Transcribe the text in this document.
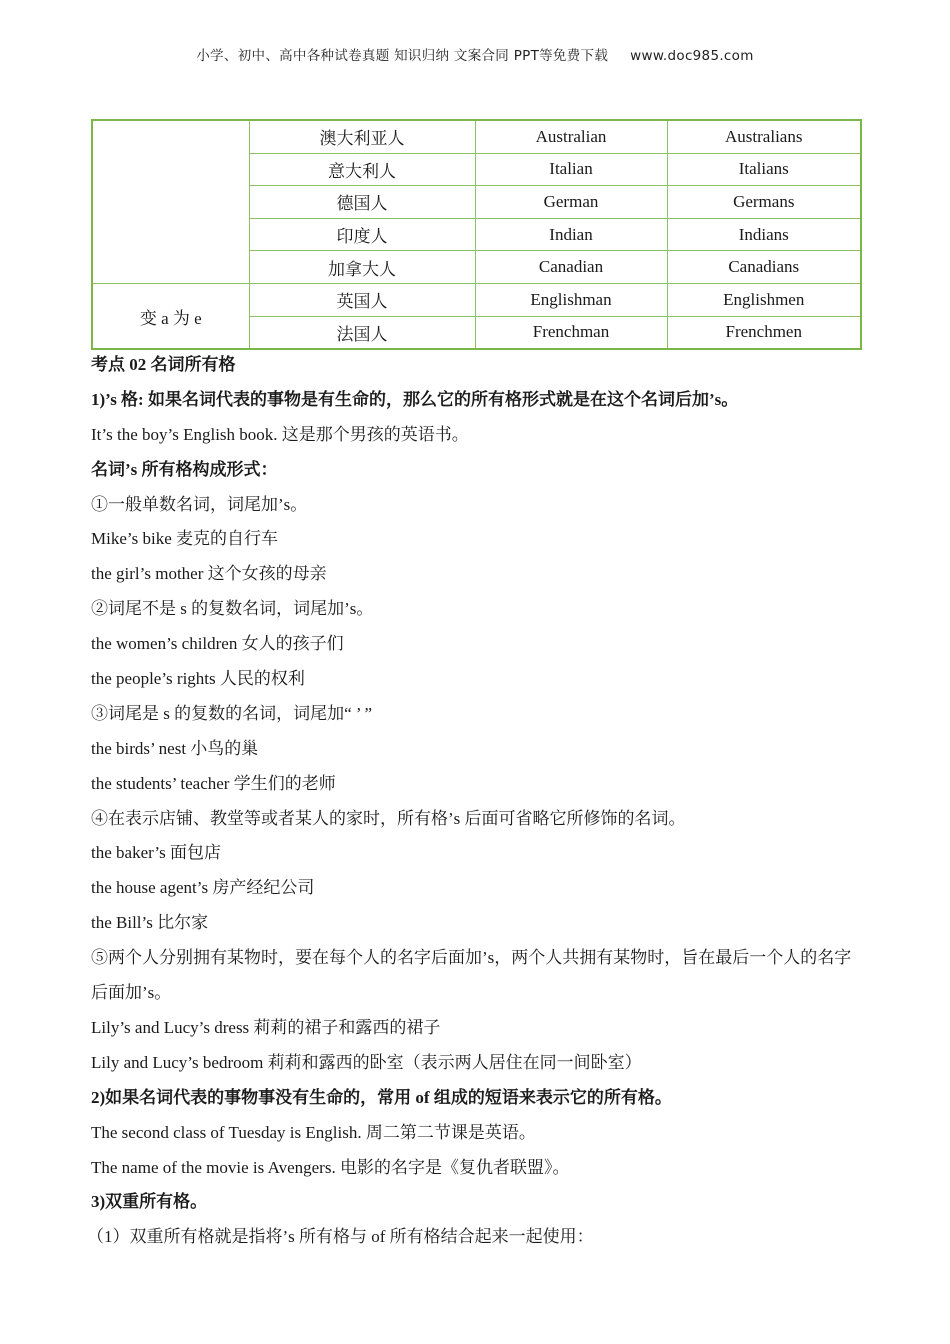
小学、初中、高中各种试卷真题 知识归纳 文案合同 PPT等免费下载 www.doc985.com
	澳大利亚人	Australian	Australians
	意大利人	Italian	Italians
	德国人	German	Germans
	印度人	Indian	Indians
	加拿大人	Canadian	Canadians
变 a 为 e	英国人	Englishman	Englishmen
	法国人	Frenchman	Frenchmen
考点 02 名词所有格
1)’s 格: 如果名词代表的事物是有生命的，那么它的所有格形式就是在这个名词后加’s。
It’s the boy’s English book. 这是那个男孩的英语书。
名词’s 所有格构成形式：
①一般单数名词，词尾加’s。
Mike’s bike 麦克的自行车
the girl’s mother 这个女孩的母亲
②词尾不是 s 的复数名词，词尾加’s。
the women’s children 女人的孩子们
the people’s rights 人民的权利
③词尾是 s 的复数的名词，词尾加“ ’ ”
the birds’ nest 小鸟的巢
the students’ teacher 学生们的老师
④在表示店铺、教堂等或者某人的家时，所有格’s 后面可省略它所修饰的名词。
the baker’s 面包店
the house agent’s 房产经纪公司
the Bill’s 比尔家
⑤两个人分别拥有某物时，要在每个人的名字后面加’s，两个人共拥有某物时，旨在最后一个人的名字后面加’s。
Lily’s and Lucy’s dress 莉莉的裙子和露西的裙子
Lily and Lucy’s bedroom 莉莉和露西的卧室（表示两人居住在同一间卧室）
2)如果名词代表的事物事没有生命的，常用 of 组成的短语来表示它的所有格。
The second class of Tuesday is English. 周二第二节课是英语。
The name of the movie is Avengers. 电影的名字是《复仇者联盟》。
3)双重所有格。
（1）双重所有格就是指将’s 所有格与 of 所有格结合起来一起使用：
